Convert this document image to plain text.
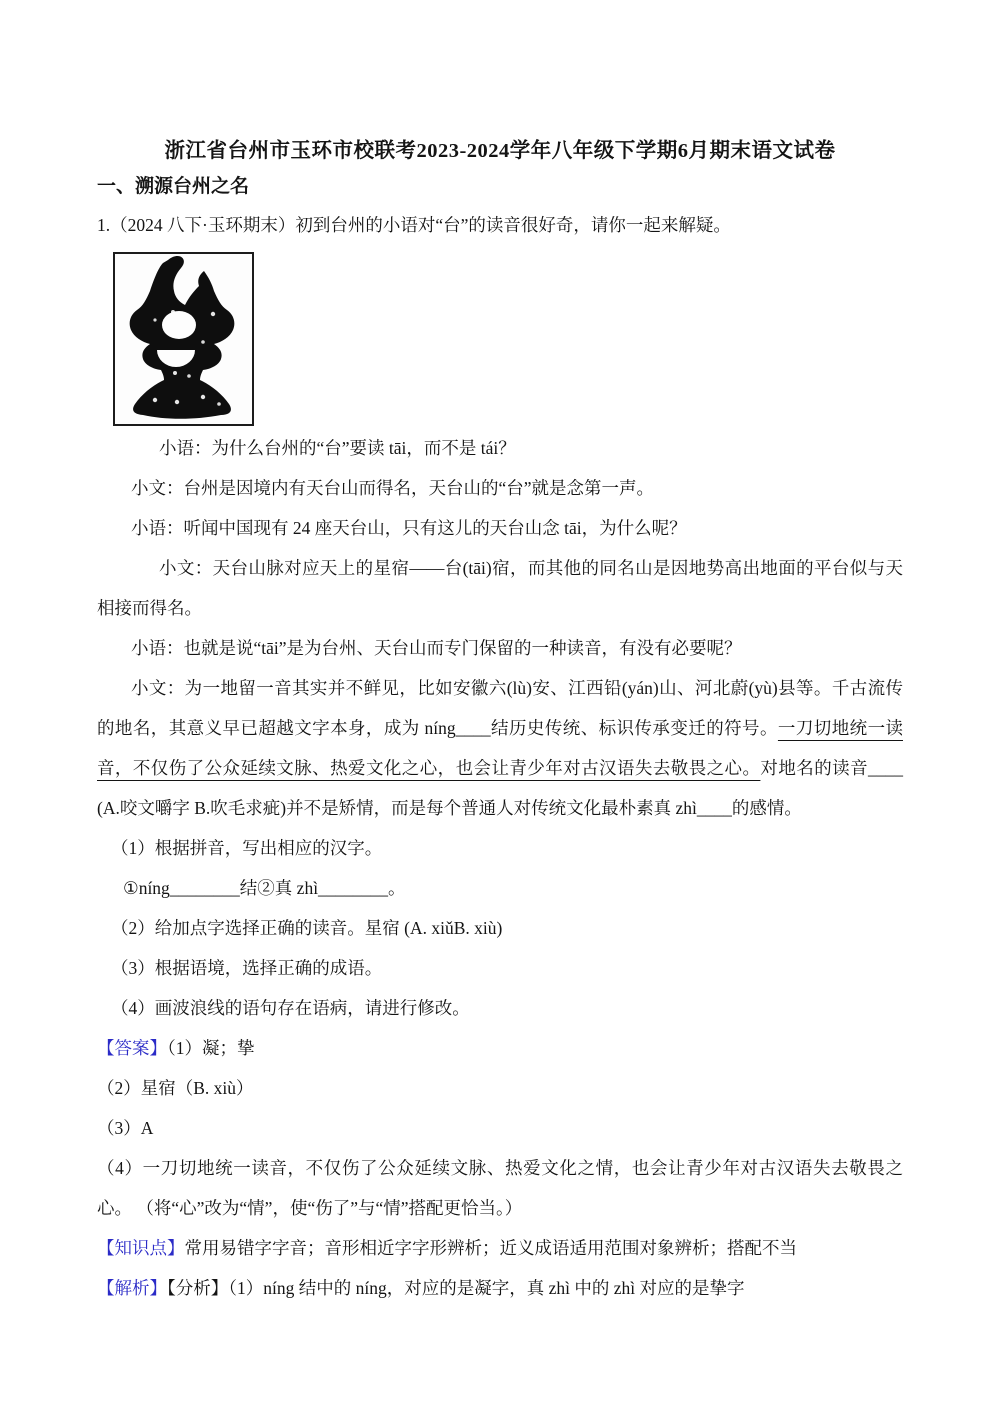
浙江省台州市玉环市校联考2023-2024学年八年级下学期6月期末语文试卷
一、溯源台州之名

1.（2024 八下·玉环期末）初到台州的小语对“台”的读音很好奇，请你一起来解疑。

小语：为什么台州的“台”要读 tāi，而不是 tái？

小文：台州是因境内有天台山而得名，天台山的“台”就是念第一声。

小语：听闻中国现有 24 座天台山，只有这儿的天台山念 tāi，为什么呢？

小文：天台山脉对应天上的星宿——台(tāi)宿，而其他的同名山是因地势高出地面的平台似与天相接而得名。

小语：也就是说“tāi”是为台州、天台山而专门保留的一种读音，有没有必要呢？

小文：为一地留一音其实并不鲜见，比如安徽六(lù)安、江西铅(yán)山、河北蔚(yù)县等。千古流传的地名，其意义早已超越文字本身，成为 níng____结历史传统、标识传承变迁的符号。一刀切地统一读音，不仅伤了公众延续文脉、热爱文化之心，也会让青少年对古汉语失去敬畏之心。对地名的读音____ (A.咬文嚼字 B.吹毛求疵)并不是矫情，而是每个普通人对传统文化最朴素真 zhì____的感情。

（1）根据拼音，写出相应的汉字。

①níng________结②真 zhì________。

（2）给加点字选择正确的读音。星宿 (A. xiǔB. xiù)

（3）根据语境，选择正确的成语。

（4）画波浪线的语句存在语病，请进行修改。

【答案】（1）凝；挚

（2）星宿（B. xiù）

（3）A

（4）一刀切地统一读音，不仅伤了公众延续文脉、热爱文化之情，也会让青少年对古汉语失去敬畏之心。 （将“心”改为“情”，使“伤了”与“情”搭配更恰当。）

【知识点】常用易错字字音；音形相近字字形辨析；近义成语适用范围对象辨析；搭配不当

【解析】【分析】（1）níng 结中的 níng，对应的是凝字，真 zhì 中的 zhì 对应的是挚字
